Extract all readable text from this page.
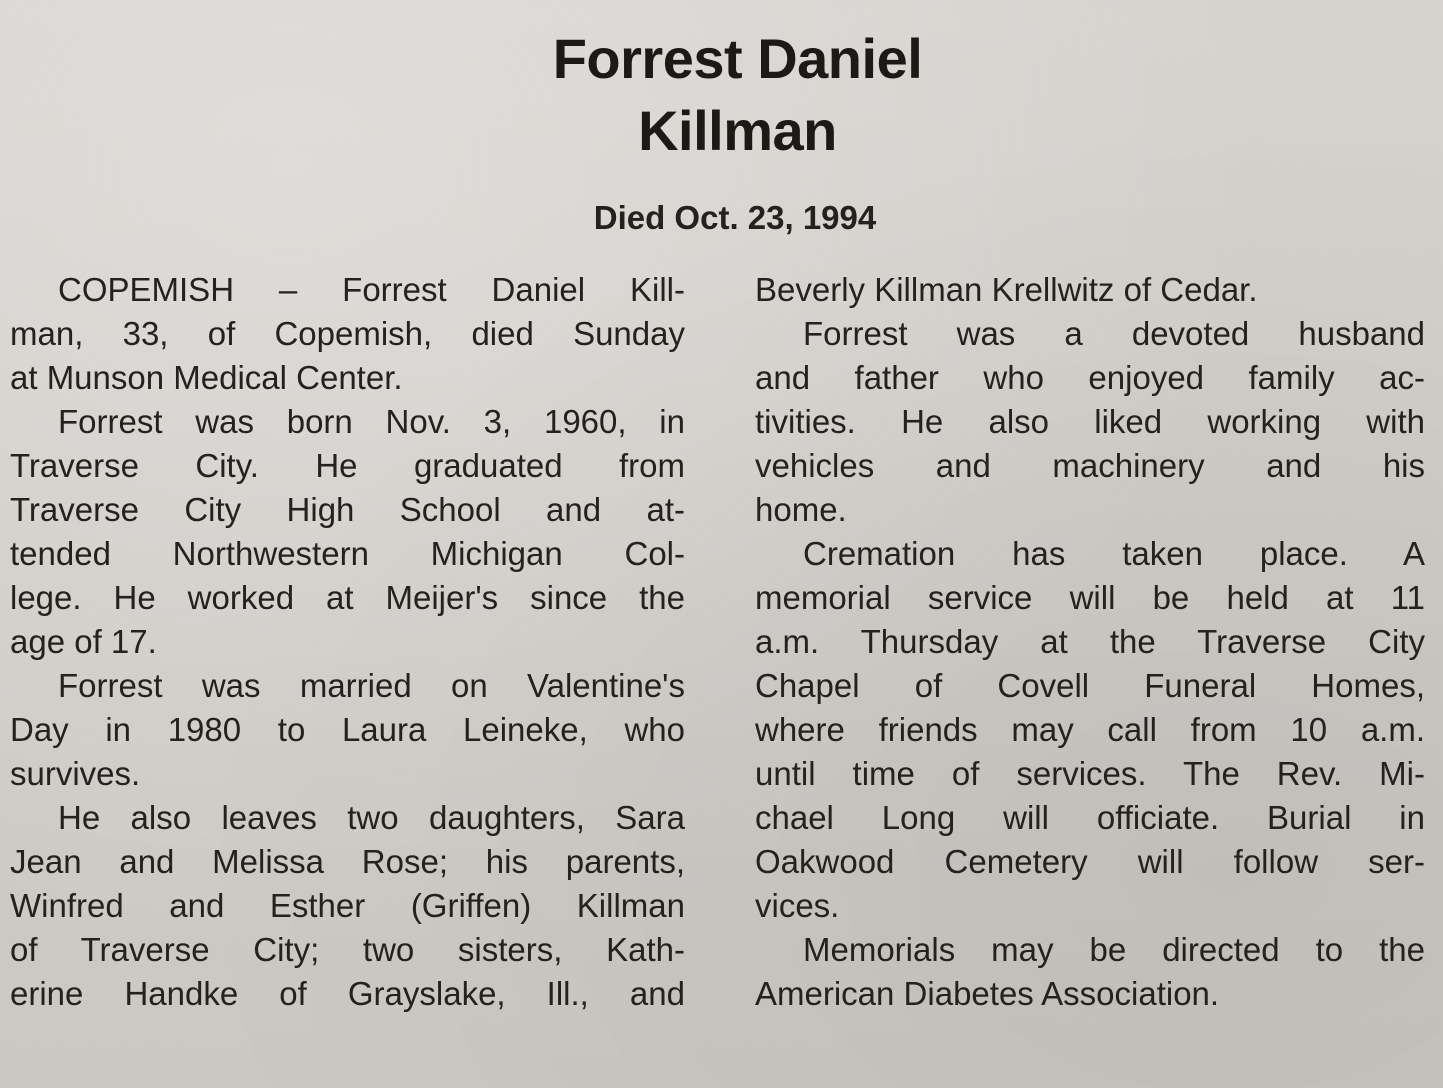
Forrest Daniel
Killman

Died Oct. 23, 1994

COPEMISH – Forrest Daniel Kill-
man, 33, of Copemish, died Sunday
at Munson Medical Center.
Forrest was born Nov. 3, 1960, in
Traverse City. He graduated from
Traverse City High School and at-
tended Northwestern Michigan Col-
lege. He worked at Meijer's since the
age of 17.
Forrest was married on Valentine's
Day in 1980 to Laura Leineke, who
survives.
He also leaves two daughters, Sara
Jean and Melissa Rose; his parents,
Winfred and Esther (Griffen) Killman
of Traverse City; two sisters, Kath-
erine Handke of Grayslake, Ill., and
Beverly Killman Krellwitz of Cedar.
Forrest was a devoted husband
and father who enjoyed family ac-
tivities. He also liked working with
vehicles and machinery and his
home.
Cremation has taken place. A
memorial service will be held at 11
a.m. Thursday at the Traverse City
Chapel of Covell Funeral Homes,
where friends may call from 10 a.m.
until time of services. The Rev. Mi-
chael Long will officiate. Burial in
Oakwood Cemetery will follow ser-
vices.
Memorials may be directed to the
American Diabetes Association.
